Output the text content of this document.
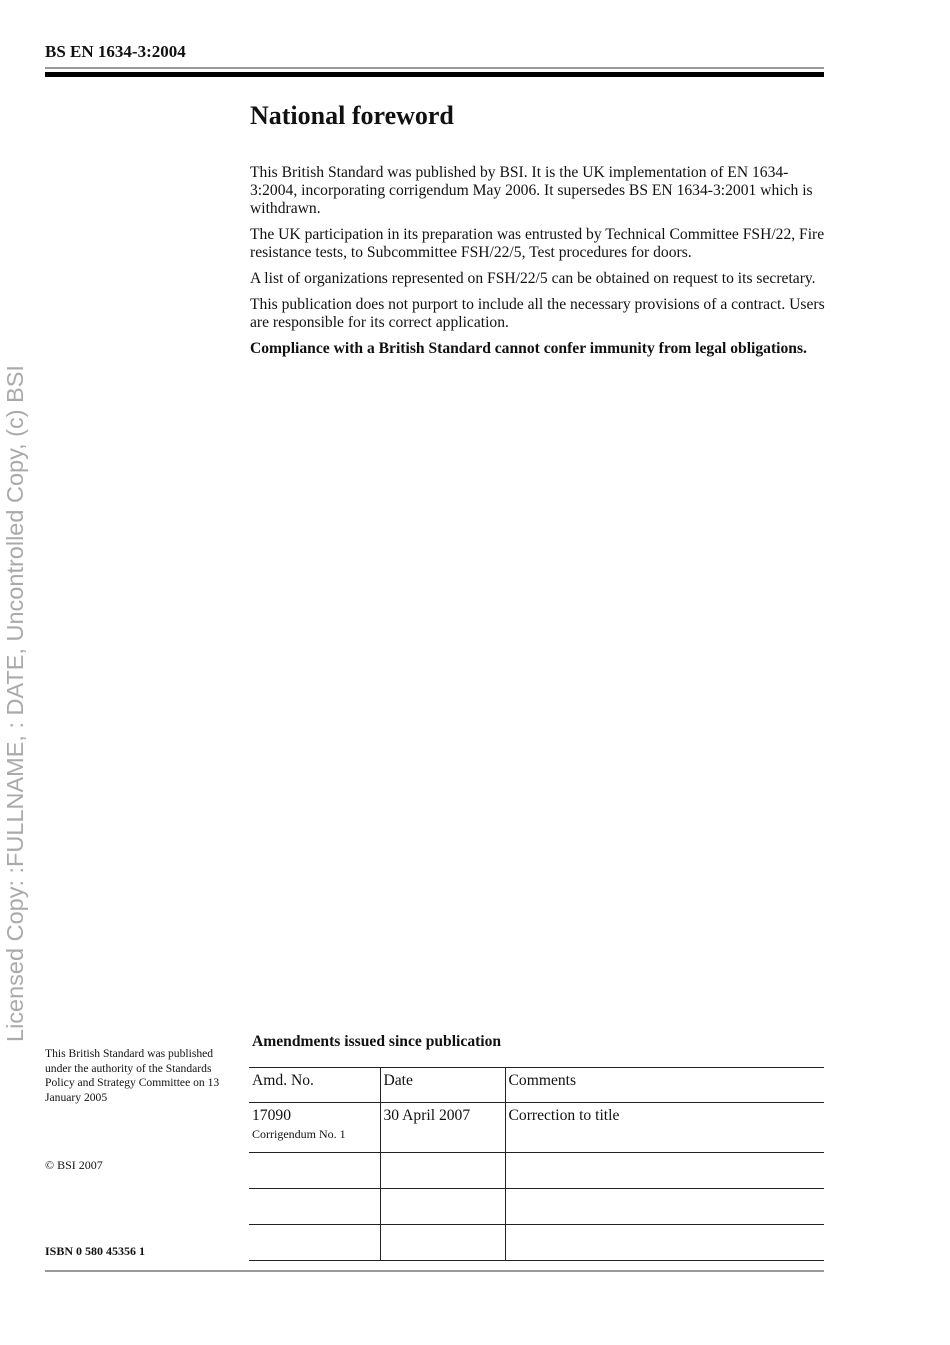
BS EN 1634-3:2004
Licensed Copy: :FULLNAME, : DATE, Uncontrolled Copy, (c) BSI
National foreword

This British Standard was published by BSI. It is the UK implementation of EN 1634-3:2004, incorporating corrigendum May 2006. It supersedes BS EN 1634-3:2001 which is withdrawn.

The UK participation in its preparation was entrusted by Technical Committee FSH/22, Fire resistance tests, to Subcommittee FSH/22/5, Test procedures for doors.

A list of organizations represented on FSH/22/5 can be obtained on request to its secretary.

This publication does not purport to include all the necessary provisions of a contract. Users are responsible for its correct application.

Compliance with a British Standard cannot confer immunity from legal obligations.

This British Standard was published under the authority of the Standards Policy and Strategy Committee on 13 January 2005
© BSI 2007
ISBN 0 580 45356 1
Amendments issued since publication
Amd. No.	Date	Comments
17090
Corrigendum No. 1	30 April 2007	Correction to title
